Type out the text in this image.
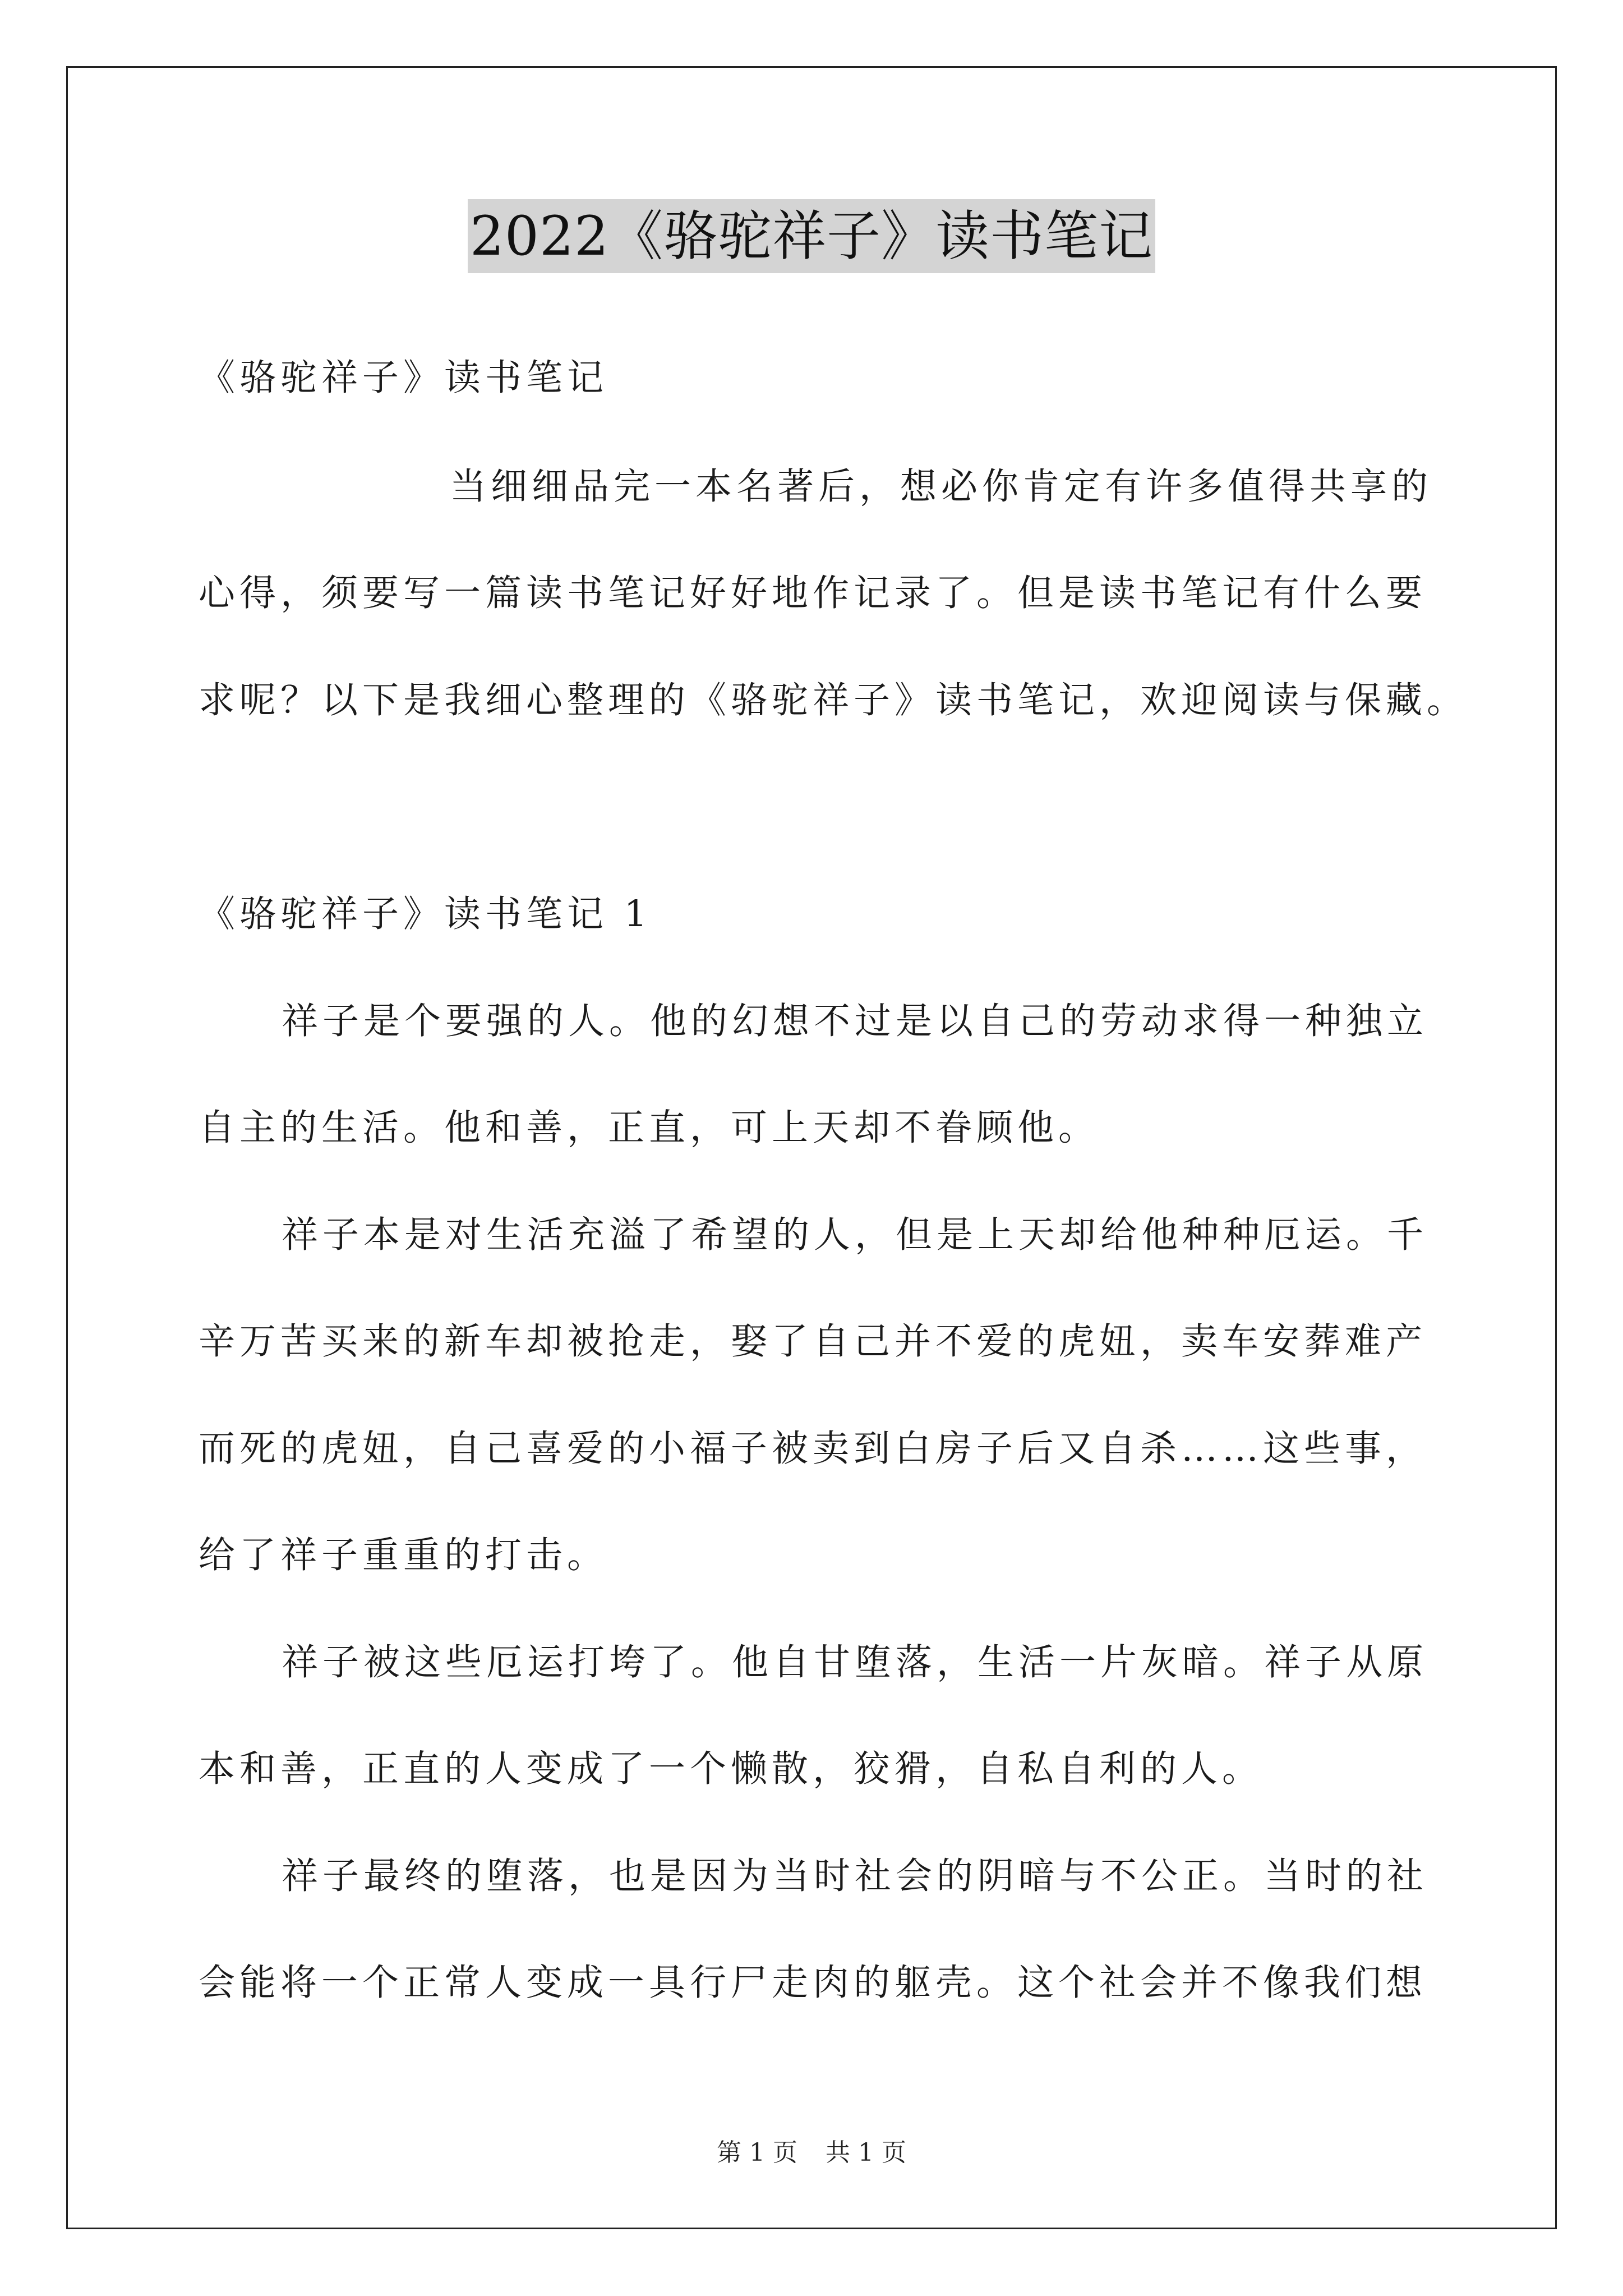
2022《骆驼祥子》读书笔记
《骆驼祥子》读书笔记
当细细品完一本名著后，想必你肯定有许多值得共享的
心得，须要写一篇读书笔记好好地作记录了。但是读书笔记有什么要
求呢？以下是我细心整理的《骆驼祥子》读书笔记，欢迎阅读与保藏。
《骆驼祥子》读书笔记 1
祥子是个要强的人。他的幻想不过是以自己的劳动求得一种独立
自主的生活。他和善，正直，可上天却不眷顾他。
祥子本是对生活充溢了希望的人，但是上天却给他种种厄运。千
辛万苦买来的新车却被抢走，娶了自己并不爱的虎妞，卖车安葬难产
而死的虎妞，自己喜爱的小福子被卖到白房子后又自杀……这些事，
给了祥子重重的打击。
祥子被这些厄运打垮了。他自甘堕落，生活一片灰暗。祥子从原
本和善，正直的人变成了一个懒散，狡猾，自私自利的人。
祥子最终的堕落，也是因为当时社会的阴暗与不公正。当时的社
会能将一个正常人变成一具行尸走肉的躯壳。这个社会并不像我们想
第 1 页 共 1 页
